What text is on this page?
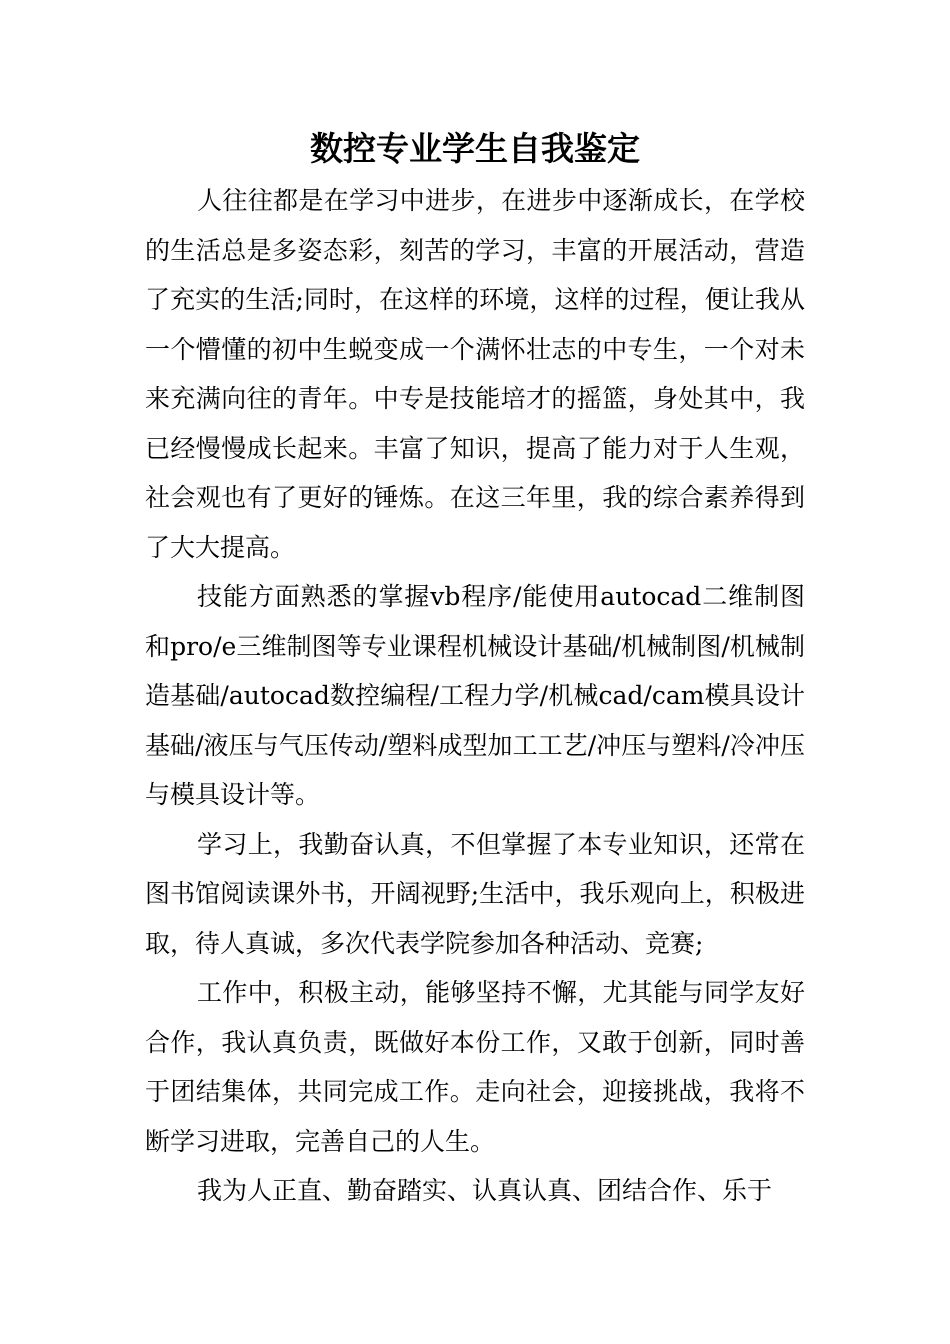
数控专业学生自我鉴定

人往往都是在学习中进步，在进步中逐渐成长，在学校的生活总是多姿态彩，刻苦的学习，丰富的开展活动，营造了充实的生活;同时，在这样的环境，这样的过程，便让我从一个懵懂的初中生蜕变成一个满怀壮志的中专生，一个对未来充满向往的青年。中专是技能培才的摇篮，身处其中，我已经慢慢成长起来。丰富了知识，提高了能力对于人生观，社会观也有了更好的锤炼。在这三年里，我的综合素养得到了大大提高。

技能方面熟悉的掌握vb程序/能使用autocad二维制图和pro/e三维制图等专业课程机械设计基础/机械制图/机械制造基础/autocad数控编程/工程力学/机械cad/cam模具设计基础/液压与气压传动/塑料成型加工工艺/冲压与塑料/冷冲压与模具设计等。

学习上，我勤奋认真，不但掌握了本专业知识，还常在图书馆阅读课外书，开阔视野;生活中，我乐观向上，积极进取，待人真诚，多次代表学院参加各种活动、竞赛;

工作中，积极主动，能够坚持不懈，尤其能与同学友好合作，我认真负责，既做好本份工作，又敢于创新，同时善于团结集体，共同完成工作。走向社会，迎接挑战，我将不断学习进取，完善自己的人生。

我为人正直、勤奋踏实、认真认真、团结合作、乐于
